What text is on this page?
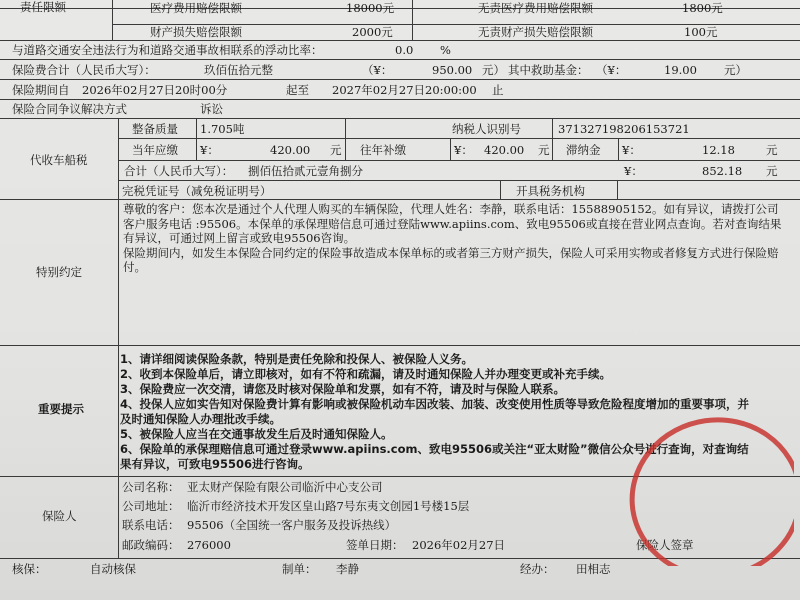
责任限额	医疗费用赔偿限额	18000元	无责医疗费用赔偿限额	1800元
财产损失赔偿限额	2000元	无责财产损失赔偿限额	100元
与道路交通安全违法行为和道路交通事故相联系的浮动比率：	0.0 %
保险费合计（人民币大写）：	玖佰伍拾元整	（¥：	950.00 元） 其中救助基金： （¥：	19.00 元）
保险期间自 2026年02月27日20时00分	起至 2027年02月27日20:00:00 止
保险合同争议解决方式	诉讼
代收车船税
整备质量 1.705吨	纳税人识别号	371327198206153721
当年应缴 ¥：	420.00 元 往年补缴	¥： 420.00 元 滞纳金 ¥：	12.18	元
合计（人民币大写）： 捌佰伍拾贰元壹角捌分	¥：	852.18 元
完税凭证号（减免税证明号）	开具税务机构
特别约定
尊敬的客户：您本次是通过个人代理人购买的车辆保险，代理人姓名：李静，联系电话：15588905152。如有异议，请拨打公司客户服务电话 :95506。本保单的承保理赔信息可通过登陆www.apiins.com、致电95506或直接在营业网点查询。若对查询结果有异议，可通过网上留言或致电95506咨询。
保险期间内，如发生本保险合同约定的保险事故造成本保单标的或者第三方财产损失，保险人可采用实物或者修复方式进行保险赔付。
重要提示
1、请详细阅读保险条款，特别是责任免除和投保人、被保险人义务。
2、收到本保险单后，请立即核对，如有不符和疏漏，请及时通知保险人并办理变更或补充手续。
3、保险费应一次交清，请您及时核对保险单和发票，如有不符，请及时与保险人联系。
4、投保人应如实告知对保险费计算有影响或被保险机动车因改装、加装、改变使用性质等导致危险程度增加的重要事项，并及时通知保险人办理批改手续。
5、被保险人应当在交通事故发生后及时通知保险人。
6、保险单的承保理赔信息可通过登录www.apiins.com、致电95506或关注“亚太财险”微信公众号进行查询，对查询结果有异议，可致电95506进行咨询。
保险人
公司名称： 亚太财产保险有限公司临沂中心支公司
公司地址： 临沂市经济技术开发区皇山路7号东夷文创园1号楼15层
联系电话： 95506（全国统一客户服务及投诉热线）
邮政编码： 276000	签单日期： 2026年02月27日	保险人签章
核保：	自动核保	制单： 李静	经办： 田相志
